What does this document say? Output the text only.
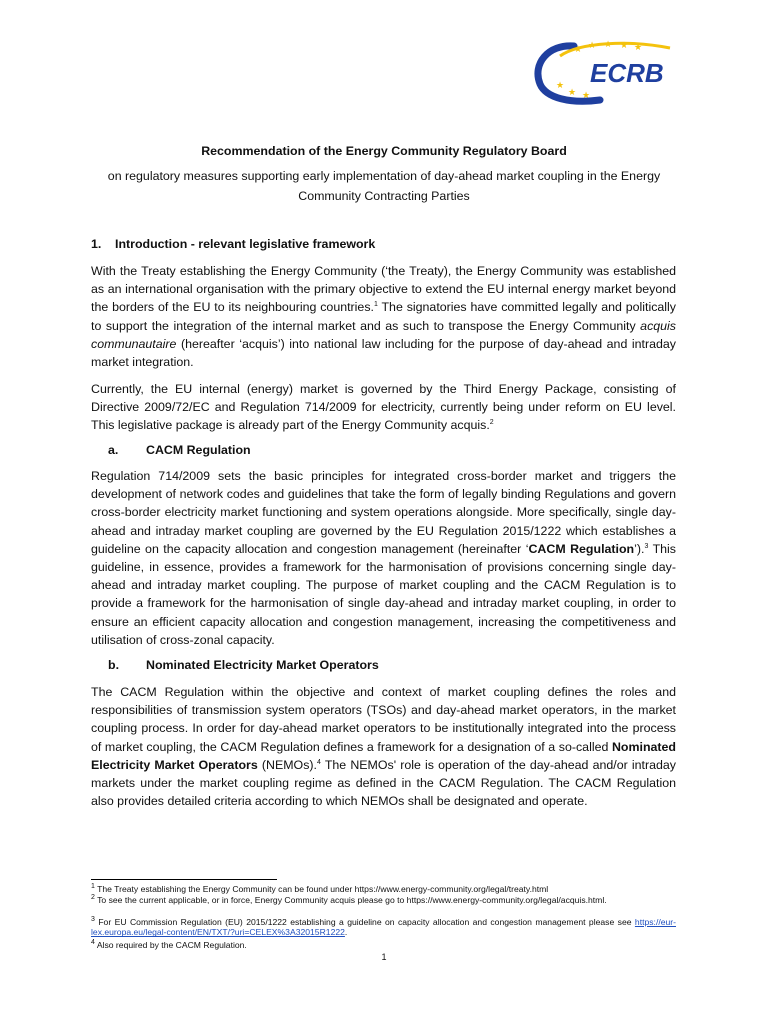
★ ★ ★ ★ ★
★
★ ★
ECRB
Recommendation of the Energy Community Regulatory Board
on regulatory measures supporting early implementation of day-ahead market coupling in the Energy Community Contracting Parties
1. Introduction - relevant legislative framework

With the Treaty establishing the Energy Community (‘the Treaty), the Energy Community was established as an international organisation with the primary objective to extend the EU internal energy market beyond the borders of the EU to its neighbouring countries.$^1$ The signatories have committed legally and politically to support the integration of the internal market and as such to transpose the Energy Community acquis communautaire (hereafter ‘acquis’) into national law including for the purpose of day-ahead and intraday market integration.

Currently, the EU internal (energy) market is governed by the Third Energy Package, consisting of Directive 2009/72/EC and Regulation 714/2009 for electricity, currently being under reform on EU level. This legislative package is already part of the Energy Community acquis.$^2$

a. CACM Regulation

Regulation 714/2009 sets the basic principles for integrated cross-border market and triggers the development of network codes and guidelines that take the form of legally binding Regulations and govern cross-border electricity market functioning and system operations alongside. More specifically, single day-ahead and intraday market coupling are governed by the EU Regulation 2015/1222 which establishes a guideline on the capacity allocation and congestion management (hereinafter ‘CACM Regulation’).$^3$ This guideline, in essence, provides a framework for the harmonisation of provisions concerning single day-ahead and intraday market coupling. The purpose of market coupling and the CACM Regulation is to provide a framework for the harmonisation of single day-ahead and intraday market coupling, in order to ensure an efficient capacity allocation and congestion management, increasing the competitiveness and utilisation of cross-zonal capacity.

b. Nominated Electricity Market Operators

The CACM Regulation within the objective and context of market coupling defines the roles and responsibilities of transmission system operators (TSOs) and day-ahead market operators, in the market coupling process. In order for day-ahead market operators to be institutionally integrated into the process of market coupling, the CACM Regulation defines a framework for a designation of a so-called Nominated Electricity Market Operators (NEMOs).$^4$ The NEMOs' role is operation of the day-ahead and/or intraday markets under the market coupling regime as defined in the CACM Regulation. The CACM Regulation also provides detailed criteria according to which NEMOs shall be designated and operate.

$^1$ The Treaty establishing the Energy Community can be found under https://www.energy-community.org/legal/treaty.html

$^2$ To see the current applicable, or in force, Energy Community acquis please go to https://www.energy-community.org/legal/acquis.html.

$^3$ For EU Commission Regulation (EU) 2015/1222 establishing a guideline on capacity allocation and congestion management please see https://eur-lex.europa.eu/legal-content/EN/TXT/?uri=CELEX%3A32015R1222.

$^4$ Also required by the CACM Regulation.

1
